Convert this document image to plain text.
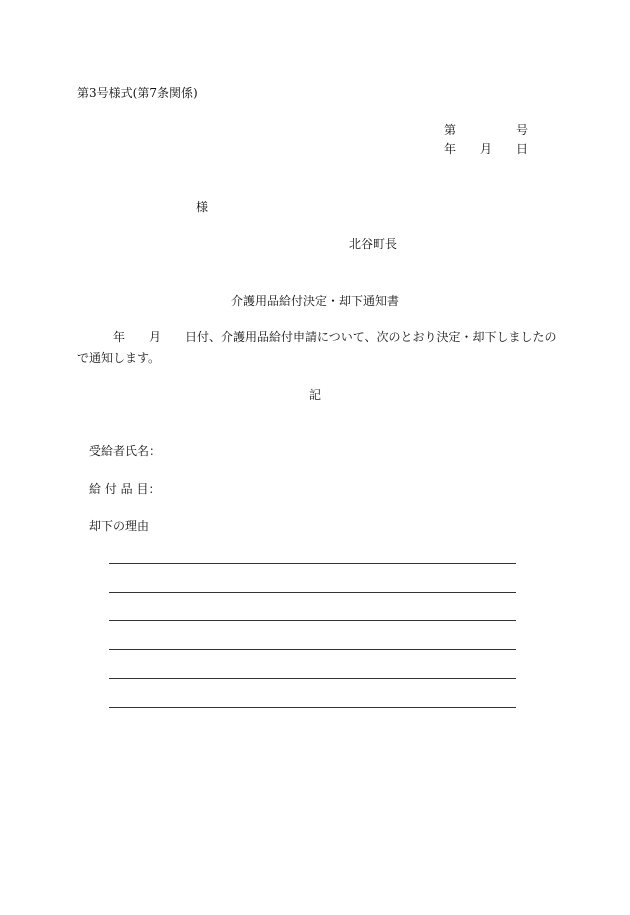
第3号様式(第7条関係)
第	号
年 月 日
様
北谷町長
介護用品給付決定・却下通知書
年 月 日付、介護用品給付申請について、次のとおり決定・却下しましたの
で通知します。
記
受給者氏名：
給 付 品 目：
却下の理由
